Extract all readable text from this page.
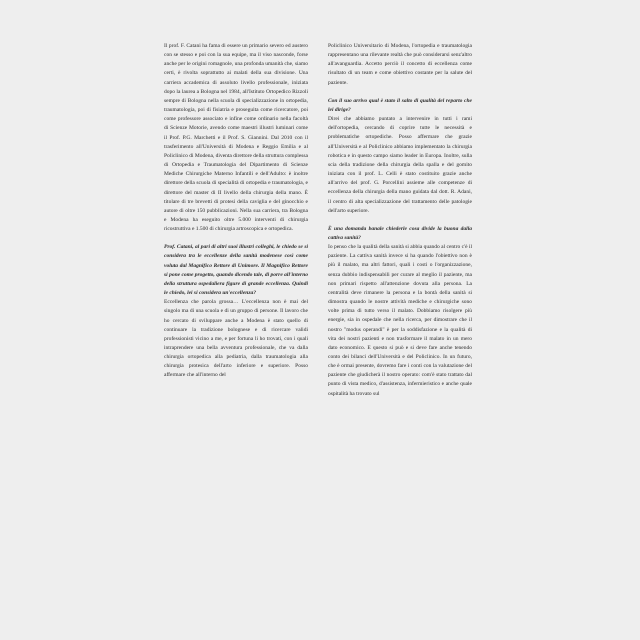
Il prof. F. Catani ha fama di essere un primario severo ed austero con se stesso e poi con la sua equipe, ma il viso nasconde, forse anche per le origini romagnole, una profonda umanità che, siamo certi, è rivolta soprattutto ai malati della sua divisione. Una carriera accademica di assoluto livello professionale, iniziata dopo la laurea a Bologna nel 1984, all'Istituto Ortopedico Rizzoli sempre di Bologna nella scuola di specializzazione in ortopedia, traumatologia, poi di fisiatria e proseguita come ricercatore, poi come professore associato e infine come ordinario nella facoltà di Scienze Motorie, avendo come maestri illustri luminari come il Prof. P.G. Marchetti e il Prof. S. Giannini. Dal 2010 con il trasferimento all'Università di Modena e Reggio Emilia e al Policlinico di Modena, diventa direttore della struttura complessa di Ortopedia e Traumatologia del Dipartimento di Scienze Mediche Chirurgiche Materno Infantili e dell'Adulto: è inoltre direttore della scuola di specialità di ortopedia e traumatologia, e direttore del master di II livello della chirurgia della mano. È titolare di tre brevetti di protesi della caviglia e del ginocchio e autore di oltre 150 pubblicazioni. Nella sua carriera, tra Bologna e Modena ha eseguito oltre 5.000 interventi di chirurgia ricostruttiva e 1.500 di chirurgia artroscopica e ortopedica.

Prof. Catani, al pari di altri suoi illustri colleghi, le chiedo se si considera tra le eccellenze della sanità modenese così come voluta dal Magnifico Rettore di Unimore. Il Magnifico Rettore si pone come progetto, quando dicendo tale, di porre all'interno della struttura ospedaliera figure di grande eccellenza. Quindi le chiedo, lei si considera un'eccellenza?

Eccellenza che parola grossa… L'eccellenza non è mai del singolo ma di una scuola e di un gruppo di persone. Il lavoro che ho cercato di sviluppare anche a Modena è stato quello di continuare la tradizione bolognese e di ricercare validi professionisti vicino a me, e per fortuna li ho trovati, con i quali intraprendere una bella avventura professionale, che va dalla chirurgia ortopedica alla pediatria, dalla traumatologia alla chirurgia protesica dell'arto inferiore e superiore. Posso affermare che all'interno del

Policlinico Universitario di Modena, l'ortopedia e traumatologia rappresentano una rilevante realtà che può considerarsi senz'altro all'avanguardia. Accetto perciò il concetto di eccellenza come risultato di un team e come obiettivo costante per la salute del paziente.

Con il suo arrivo qual è stato il salto di qualità del reparto che lei dirige?

Direi che abbiamo puntato a intervenire in tutti i rami dell'ortopedia, cercando di coprire tutte le necessità e problematiche ortopediche. Posso affermare che grazie all'Università e al Policlinico abbiamo implementato la chirurgia robotica e in questo campo siamo leader in Europa. Inoltre, sulla scia della tradizione della chirurgia della spalla e del gomito iniziata con il prof. L. Celli è stato costituito grazie anche all'arrivo del prof. G. Porcellini assieme alle competenze di eccellenza della chirurgia della mano guidata dal dott. R. Adani, il centro di alta specializzazione del trattamento delle patologie dell'arto superiore.

È una domanda banale chiederle cosa divide la buona dalla cattiva sanità?

Io penso che la qualità della sanità si abbia quando al centro c'è il paziente. La cattiva sanità invece si ha quando l'obiettivo non è più il malato, ma altri fattori, quali i costi o l'organizzazione, senza dubbio indispensabili per curare al meglio il paziente, ma non primari rispetto all'attenzione dovuta alla persona. La centralità deve rimanere la persona e la bontà della sanità si dimostra quando le nostre attività mediche e chirurgiche sono volte prima di tutto verso il malato. Dobbiamo risolgere più energie, sia in ospedale che nella ricerca, per dimostrare che il nostro "modus operandi" è per la soddisfazione e la qualità di vita dei nostri pazienti e non trasformare il malato in un mero dato economico. E questo si può e si deve fare anche tenendo conto dei bilanci dell'Università e del Policlinico. In un futuro, che è ormai presente, dovremo fare i conti con la valutazione del paziente che giudicherà il nostro operato: com'è stato trattato dal punto di vista medico, d'assistenza, infermieristico e anche quale ospitalità ha trovato sul
